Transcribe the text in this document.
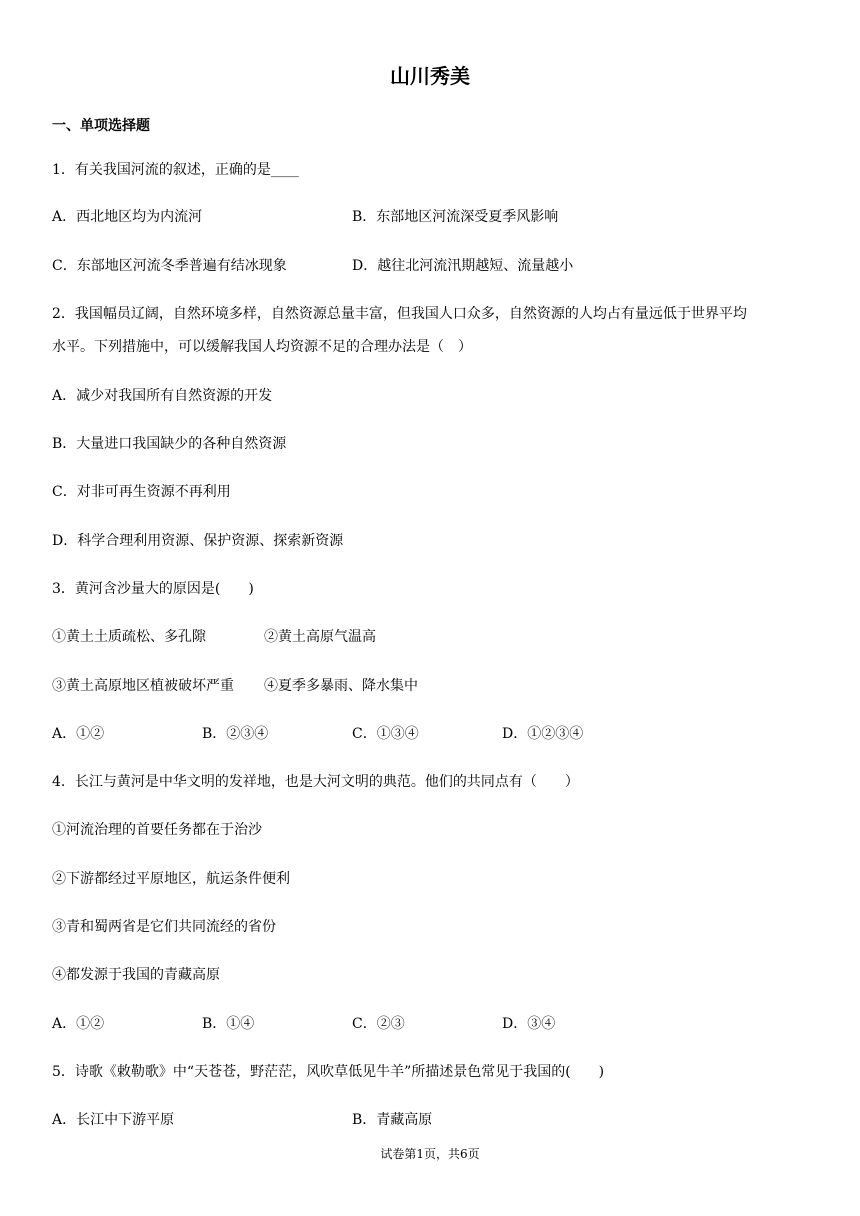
山川秀美
一、单项选择题
1．有关我国河流的叙述，正确的是____
A．西北地区均为内流河	B．东部地区河流深受夏季风影响
C．东部地区河流冬季普遍有结冰现象	D．越往北河流汛期越短、流量越小
2．我国幅员辽阔，自然环境多样，自然资源总量丰富，但我国人口众多，自然资源的人均占有量远低于世界平均
水平。下列措施中，可以缓解我国人均资源不足的合理办法是（　）
A．减少对我国所有自然资源的开发
B．大量进口我国缺少的各种自然资源
C．对非可再生资源不再利用
D．科学合理利用资源、保护资源、探索新资源
3．黄河含沙量大的原因是(　　)
①黄土土质疏松、多孔隙	②黄土高原气温高
③黄土高原地区植被破坏严重 ④夏季多暴雨、降水集中
A．①②	B．②③④	C．①③④	D．①②③④
4．长江与黄河是中华文明的发祥地，也是大河文明的典范。他们的共同点有（　　）
①河流治理的首要任务都在于治沙
②下游都经过平原地区，航运条件便利
③青和蜀两省是它们共同流经的省份
④都发源于我国的青藏高原
A．①②	B．①④	C．②③	D．③④
5．诗歌《敕勒歌》中“天苍苍，野茫茫，风吹草低见牛羊”所描述景色常见于我国的(　　)
A．长江中下游平原	B．青藏高原
试卷第1页，共6页
